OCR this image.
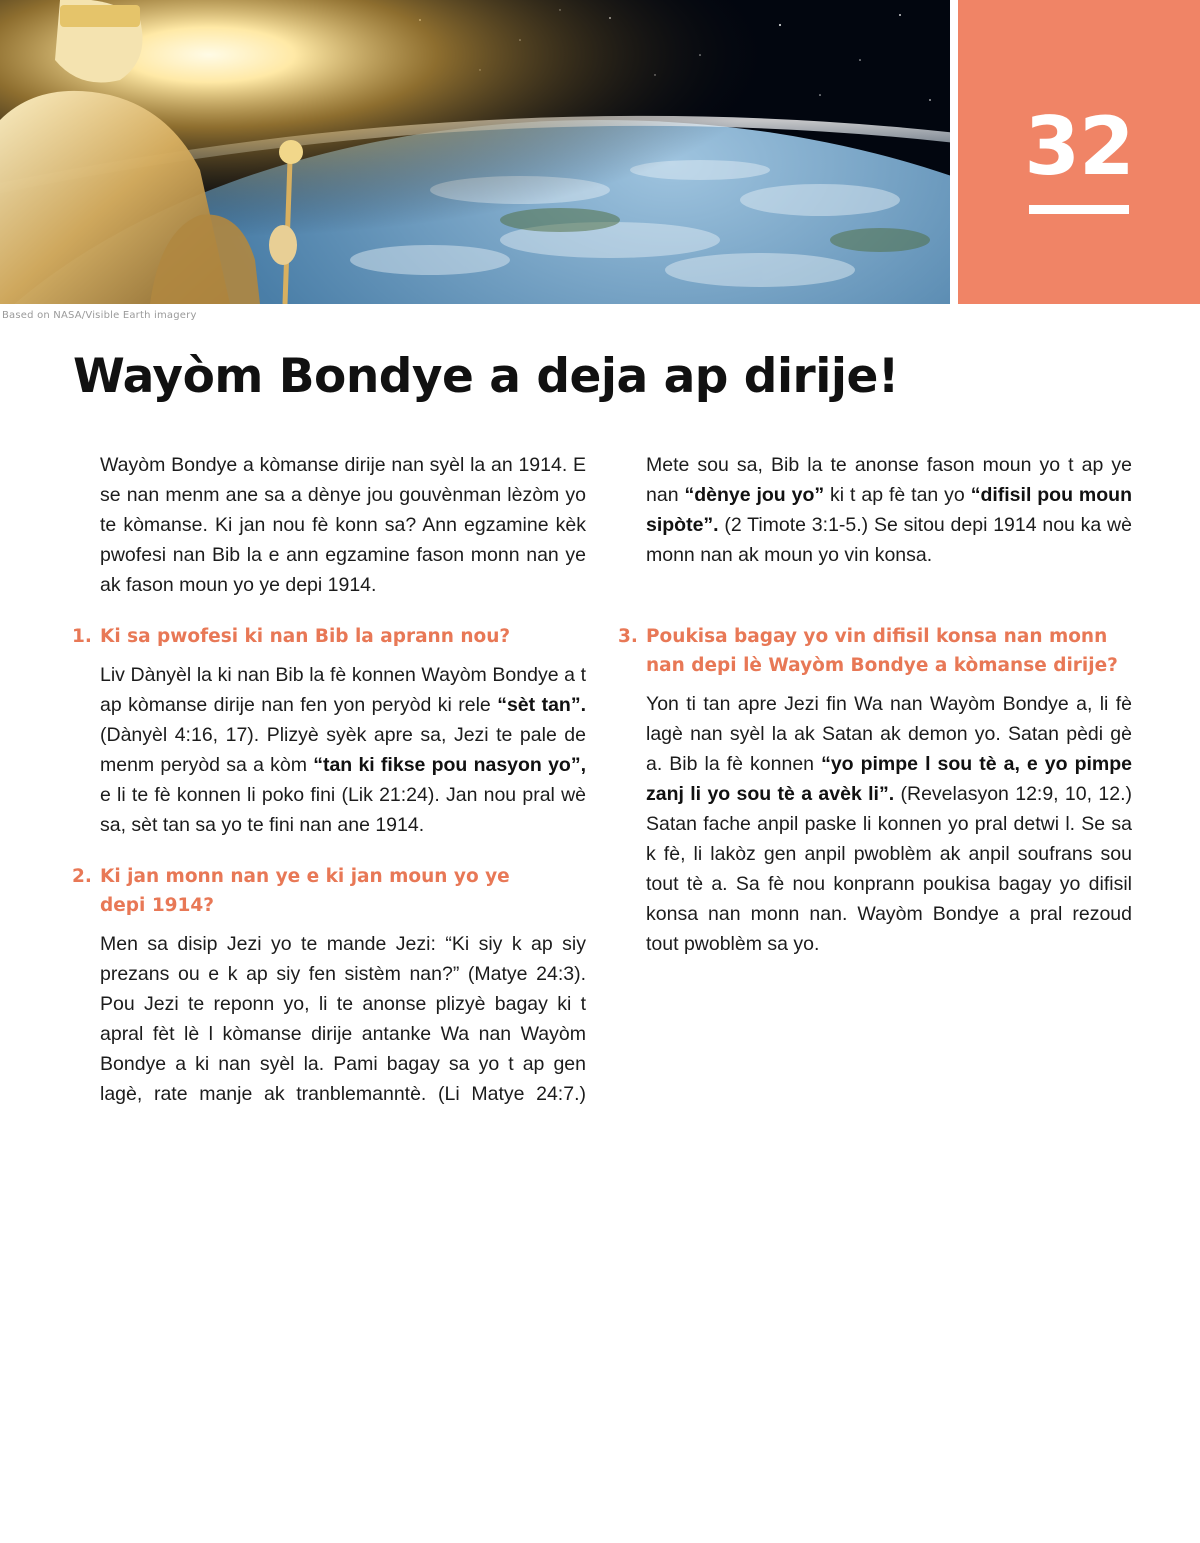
32
Based on NASA/Visible Earth imagery
Wayòm Bondye a deja ap dirije!

Wayòm Bondye a kòmanse dirije nan syèl la an 1914. E se nan menm ane sa a dènye jou gouvènman lèzòm yo te kòmanse. Ki jan nou fè konn sa? Ann egzamine kèk pwofesi nan Bib la e ann egzamine fason monn nan ye ak fason moun yo ye depi 1914.

1. Ki sa pwofesi ki nan Bib la aprann nou?

Liv Dànyèl la ki nan Bib la fè konnen Wayòm Bondye a t ap kòmanse dirije nan fen yon peryòd ki rele “sèt tan”. (Dànyèl 4:16, 17). Plizyè syèk apre sa, Jezi te pale de menm peryòd sa a kòm “tan ki fikse pou nasyon yo”, e li te fè konnen li poko fini (Lik 21:24). Jan nou pral wè sa, sèt tan sa yo te fini nan ane 1914.

2. Ki jan monn nan ye e ki jan moun yo ye
depi 1914?

Men sa disip Jezi yo te mande Jezi: “Ki siy k ap siy prezans ou e k ap siy fen sistèm nan?” (Matye 24:3). Pou Jezi te reponn yo, li te anonse plizyè bagay ki t apral fèt lè l kòmanse dirije antanke Wa nan Wayòm Bondye a ki nan syèl la. Pami bagay sa yo t ap gen lagè, rate manje ak tranblemanntè. (Li Matye 24:7.)

Mete sou sa, Bib la te anonse fason moun yo t ap ye nan “dènye jou yo” ki t ap fè tan yo “difisil pou moun sipòte”. (2 Timote 3:1-5.) Se sitou depi 1914 nou ka wè monn nan ak moun yo vin konsa.

3. Poukisa bagay yo vin difisil konsa nan monn
nan depi lè Wayòm Bondye a kòmanse dirije?

Yon ti tan apre Jezi fin Wa nan Wayòm Bondye a, li fè lagè nan syèl la ak Satan ak demon yo. Satan pèdi gè a. Bib la fè konnen “yo pimpe l sou tè a, e yo pimpe zanj li yo sou tè a avèk li”. (Revelasyon 12:9, 10, 12.) Satan fache anpil paske li konnen yo pral detwi l. Se sa k fè, li lakòz gen anpil pwoblèm ak anpil soufrans sou tout tè a. Sa fè nou konprann poukisa bagay yo difisil konsa nan monn nan. Wayòm Bondye a pral rezoud tout pwoblèm sa yo.
